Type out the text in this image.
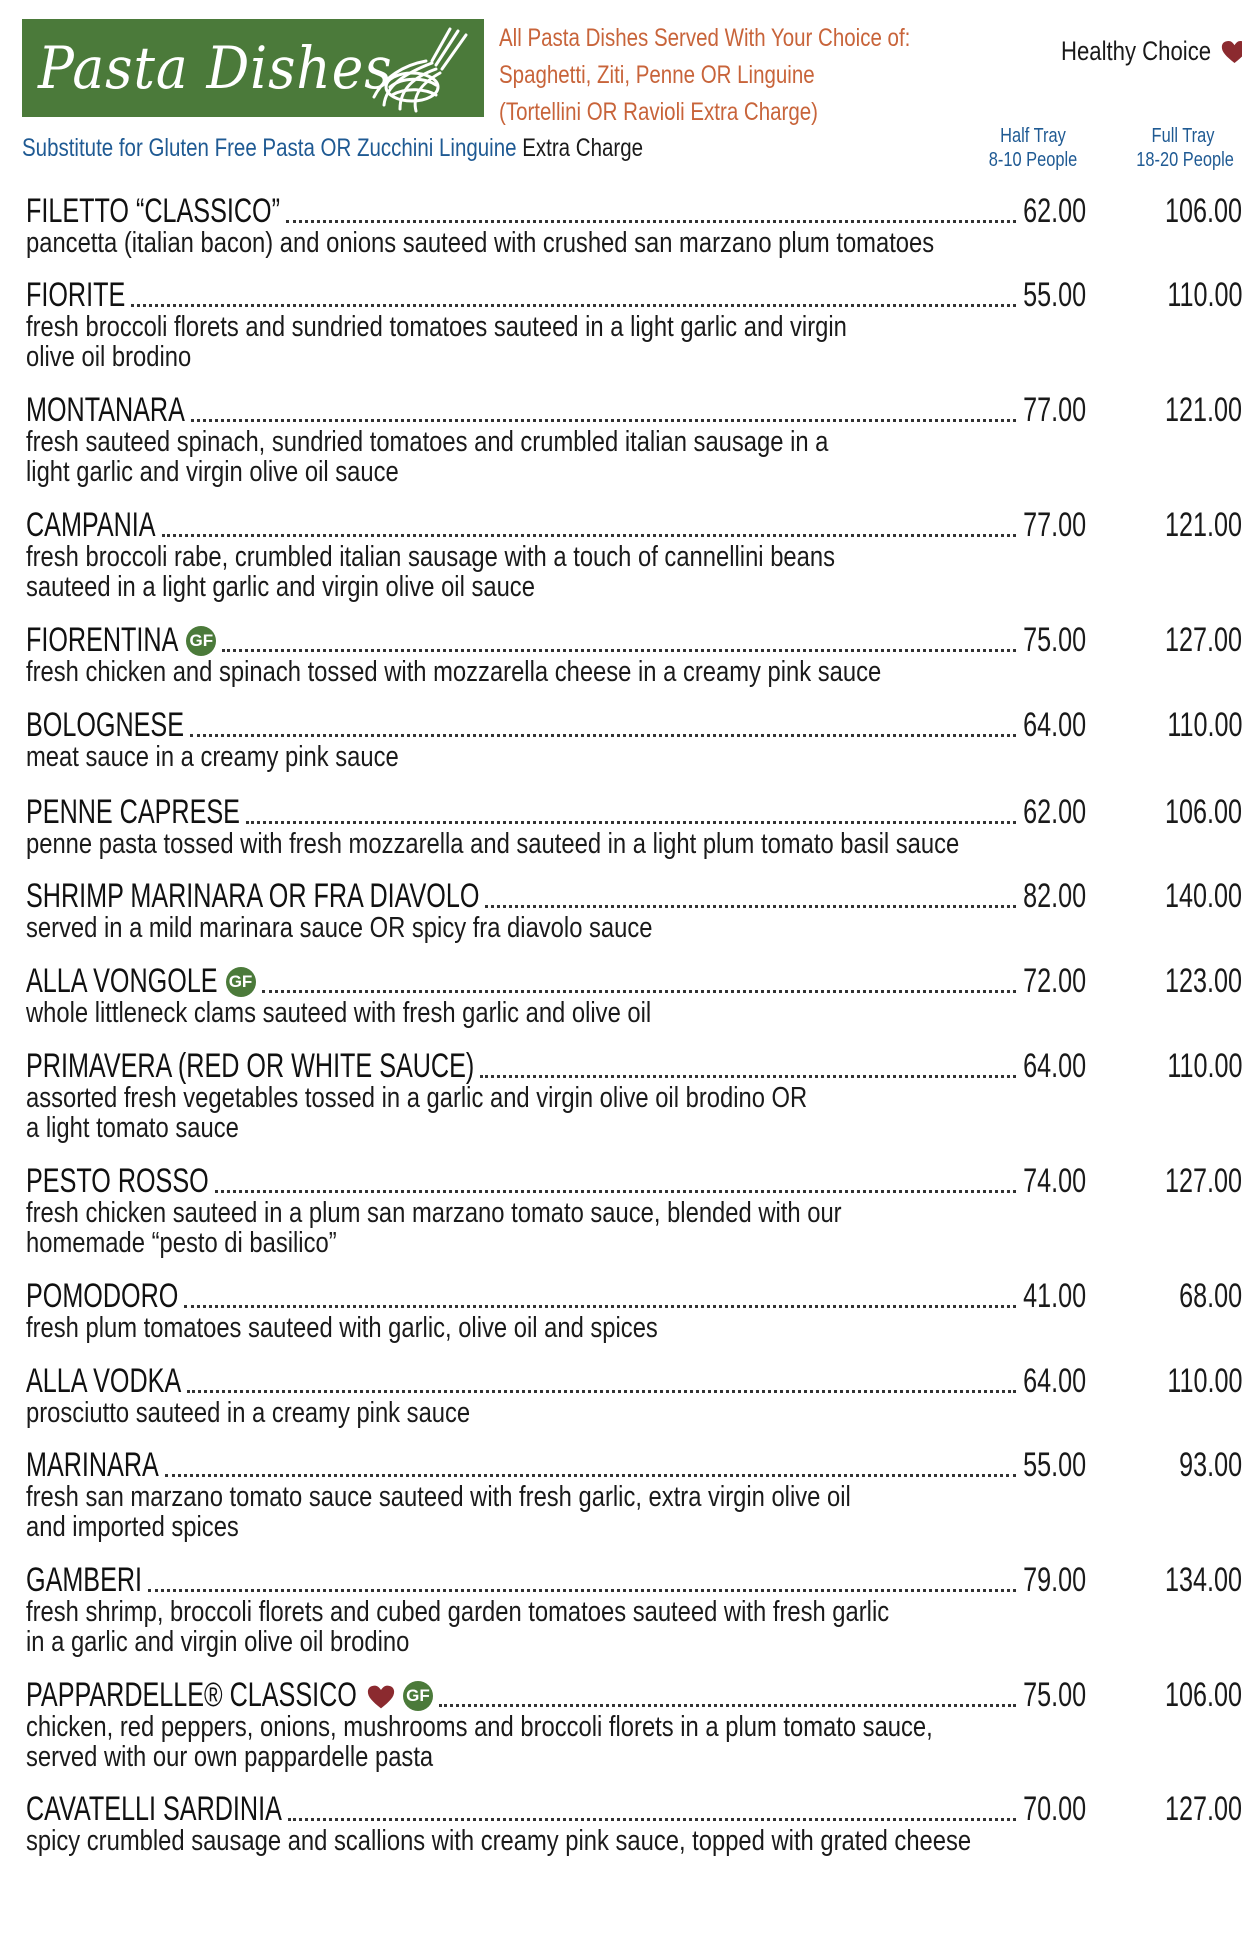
Pasta Dishes	All Pasta Dishes Served With Your Choice of:
Spaghetti, Ziti, Penne OR Linguine
(Tortellini OR Ravioli Extra Charge)
Healthy Choice
Substitute for Gluten Free Pasta OR Zucchini Linguine Extra Charge	Half Tray
8-10 People
Full Tray
18-20 People
FILETTO “CLASSICO”	62.00	106.00
pancetta (italian bacon) and onions sauteed with crushed san marzano plum tomatoes
FIORITE	55.00	110.00
fresh broccoli florets and sundried tomatoes sauteed in a light garlic and virgin
olive oil brodino
MONTANARA	77.00	121.00
fresh sauteed spinach, sundried tomatoes and crumbled italian sausage in a
light garlic and virgin olive oil sauce
CAMPANIA	77.00	121.00
fresh broccoli rabe, crumbled italian sausage with a touch of cannellini beans
sauteed in a light garlic and virgin olive oil sauce
FIORENTINA GF	75.00	127.00
fresh chicken and spinach tossed with mozzarella cheese in a creamy pink sauce
BOLOGNESE	64.00	110.00
meat sauce in a creamy pink sauce
PENNE CAPRESE	62.00	106.00
penne pasta tossed with fresh mozzarella and sauteed in a light plum tomato basil sauce
SHRIMP MARINARA OR FRA DIAVOLO	82.00	140.00
served in a mild marinara sauce OR spicy fra diavolo sauce
ALLA VONGOLE GF	72.00	123.00
whole littleneck clams sauteed with fresh garlic and olive oil
PRIMAVERA (RED OR WHITE SAUCE)	64.00	110.00
assorted fresh vegetables tossed in a garlic and virgin olive oil brodino OR
a light tomato sauce
PESTO ROSSO	74.00	127.00
fresh chicken sauteed in a plum san marzano tomato sauce, blended with our
homemade “pesto di basilico”
POMODORO	41.00	68.00
fresh plum tomatoes sauteed with garlic, olive oil and spices
ALLA VODKA	64.00	110.00
prosciutto sauteed in a creamy pink sauce
MARINARA	55.00	93.00
fresh san marzano tomato sauce sauteed with fresh garlic, extra virgin olive oil
and imported spices
GAMBERI	79.00	134.00
fresh shrimp, broccoli florets and cubed garden tomatoes sauteed with fresh garlic
in a garlic and virgin olive oil brodino
PAPPARDELLE® CLASSICO	GF	75.00	106.00
chicken, red peppers, onions, mushrooms and broccoli florets in a plum tomato sauce,
served with our own pappardelle pasta
CAVATELLI SARDINIA	70.00	127.00
spicy crumbled sausage and scallions with creamy pink sauce, topped with grated cheese
